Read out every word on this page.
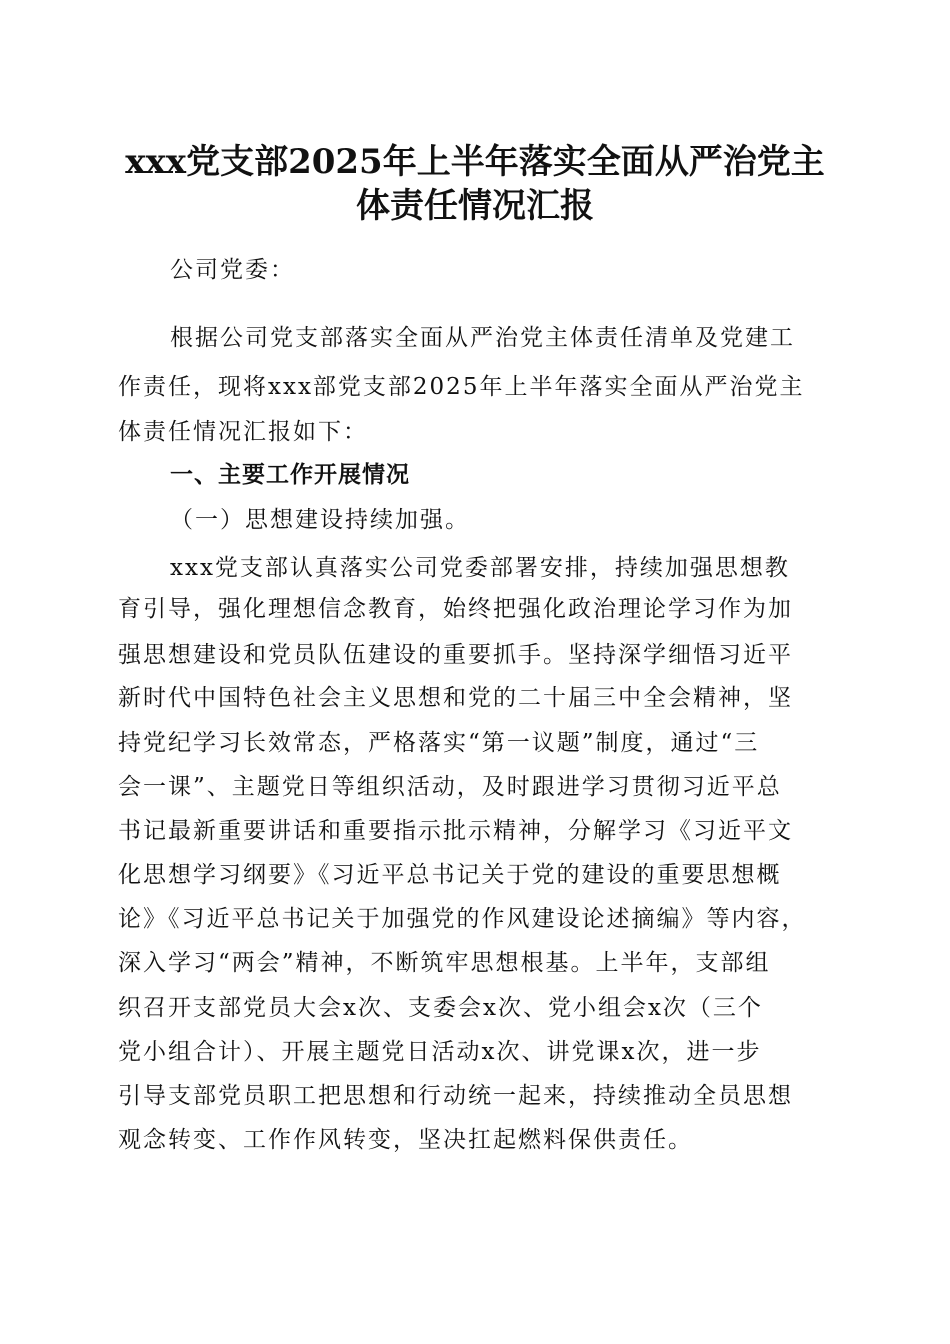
xxx党支部2025年上半年落实全面从严治党主
体责任情况汇报

公司党委：

根据公司党支部落实全面从严治党主体责任清单及党建工

作责任，现将xxx部党支部2025年上半年落实全面从严治党主

体责任情况汇报如下：

一、主要工作开展情况

（一）思想建设持续加强。

xxx党支部认真落实公司党委部署安排，持续加强思想教

育引导，强化理想信念教育，始终把强化政治理论学习作为加

强思想建设和党员队伍建设的重要抓手。坚持深学细悟习近平

新时代中国特色社会主义思想和党的二十届三中全会精神，坚

持党纪学习长效常态，严格落实“第一议题”制度，通过“三

会一课”、主题党日等组织活动，及时跟进学习贯彻习近平总

书记最新重要讲话和重要指示批示精神，分解学习《习近平文

化思想学习纲要》《习近平总书记关于党的建设的重要思想概

论》《习近平总书记关于加强党的作风建设论述摘编》等内容，

深入学习“两会”精神，不断筑牢思想根基。上半年，支部组

织召开支部党员大会x次、支委会x次、党小组会x次（三个

党小组合计）、开展主题党日活动x次、讲党课x次，进一步

引导支部党员职工把思想和行动统一起来，持续推动全员思想

观念转变、工作作风转变，坚决扛起燃料保供责任。
